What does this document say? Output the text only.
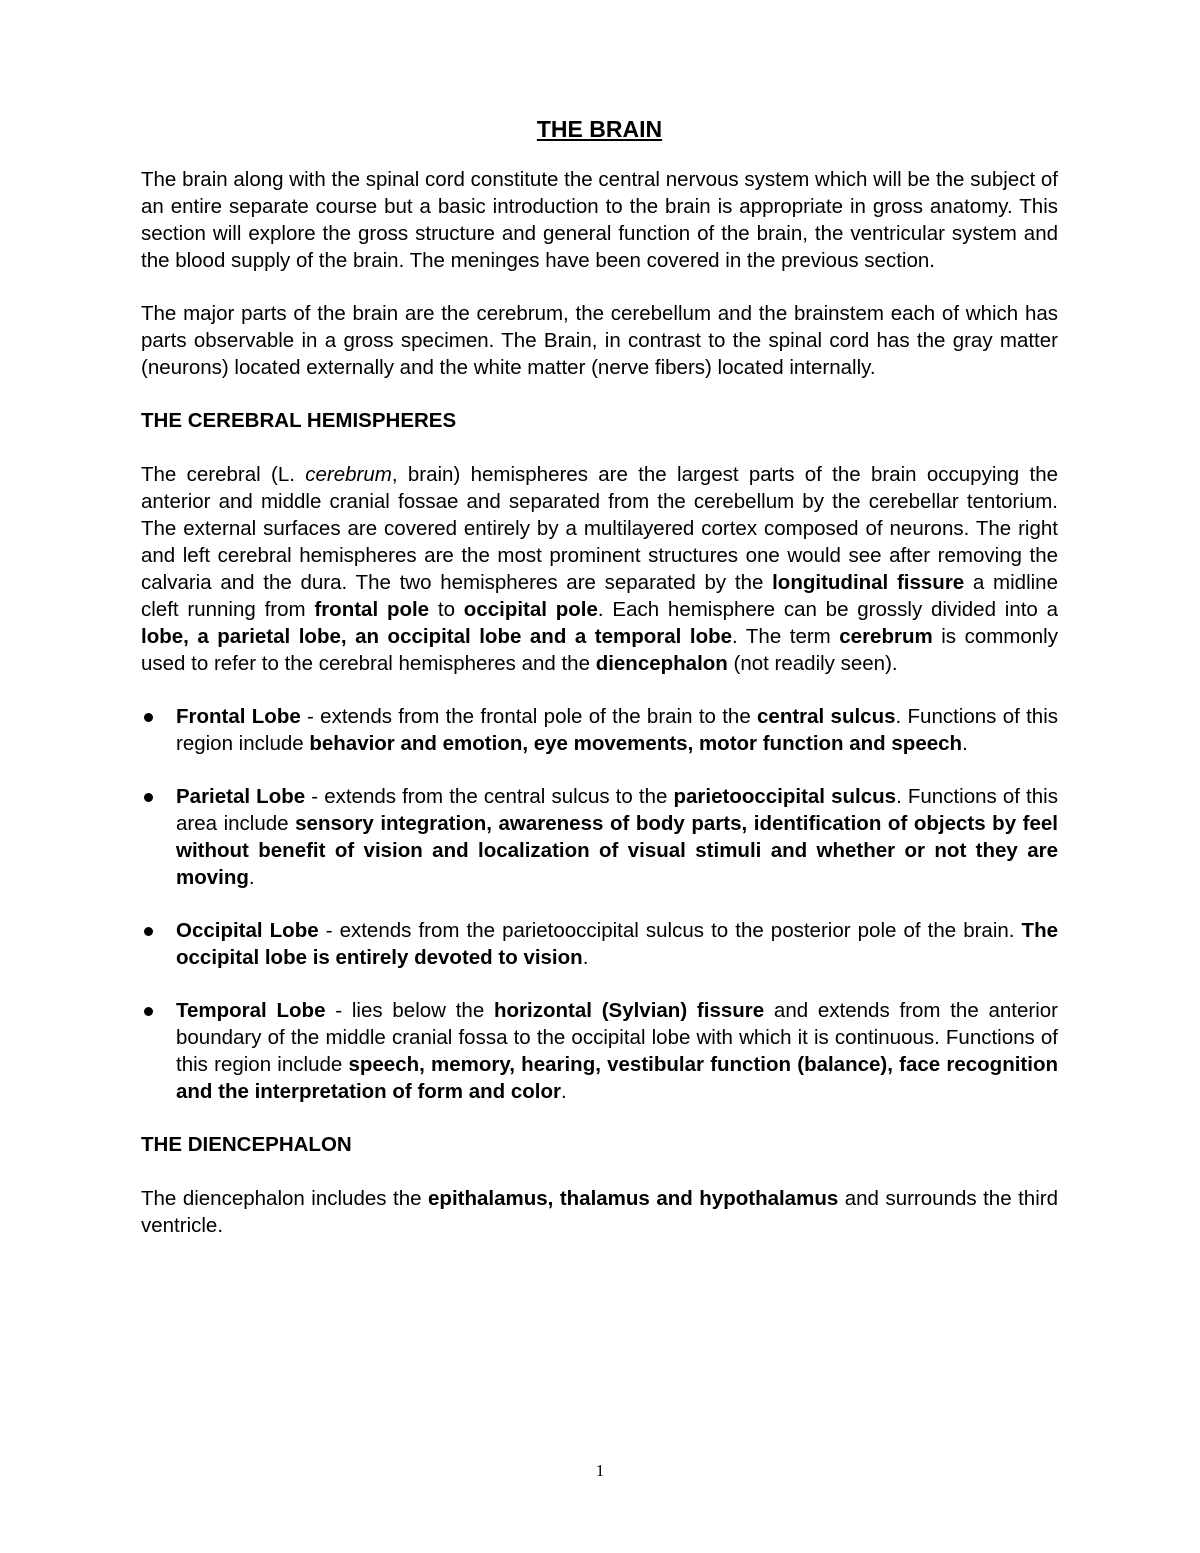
THE BRAIN

The brain along with the spinal cord constitute the central nervous system which will be the subject of an entire separate course but a basic introduction to the brain is appropriate in gross anatomy. This section will explore the gross structure and general function of the brain, the ventricular system and the blood supply of the brain. The meninges have been covered in the previous section.

The major parts of the brain are the cerebrum, the cerebellum and the brainstem each of which has parts observable in a gross specimen. The Brain, in contrast to the spinal cord has the gray matter (neurons) located externally and the white matter (nerve fibers) located internally.

THE CEREBRAL HEMISPHERES

The cerebral (L. cerebrum, brain) hemispheres are the largest parts of the brain occupying the anterior and middle cranial fossae and separated from the cerebellum by the cerebellar tentorium. The external surfaces are covered entirely by a multilayered cortex composed of neurons. The right and left cerebral hemispheres are the most prominent structures one would see after removing the calvaria and the dura. The two hemispheres are separated by the longitudinal fissure a midline cleft running from frontal pole to occipital pole. Each hemisphere can be grossly divided into a lobe, a parietal lobe, an occipital lobe and a temporal lobe. The term cerebrum is commonly used to refer to the cerebral hemispheres and the diencephalon (not readily seen).

Frontal Lobe - extends from the frontal pole of the brain to the central sulcus. Functions of this region include behavior and emotion, eye movements, motor function and speech.

Parietal Lobe - extends from the central sulcus to the parietooccipital sulcus. Functions of this area include sensory integration, awareness of body parts, identification of objects by feel without benefit of vision and localization of visual stimuli and whether or not they are moving.

Occipital Lobe - extends from the parietooccipital sulcus to the posterior pole of the brain. The occipital lobe is entirely devoted to vision.

Temporal Lobe - lies below the horizontal (Sylvian) fissure and extends from the anterior boundary of the middle cranial fossa to the occipital lobe with which it is continuous. Functions of this region include speech, memory, hearing, vestibular function (balance), face recognition and the interpretation of form and color.

THE DIENCEPHALON

The diencephalon includes the epithalamus, thalamus and hypothalamus and surrounds the third ventricle.

1
